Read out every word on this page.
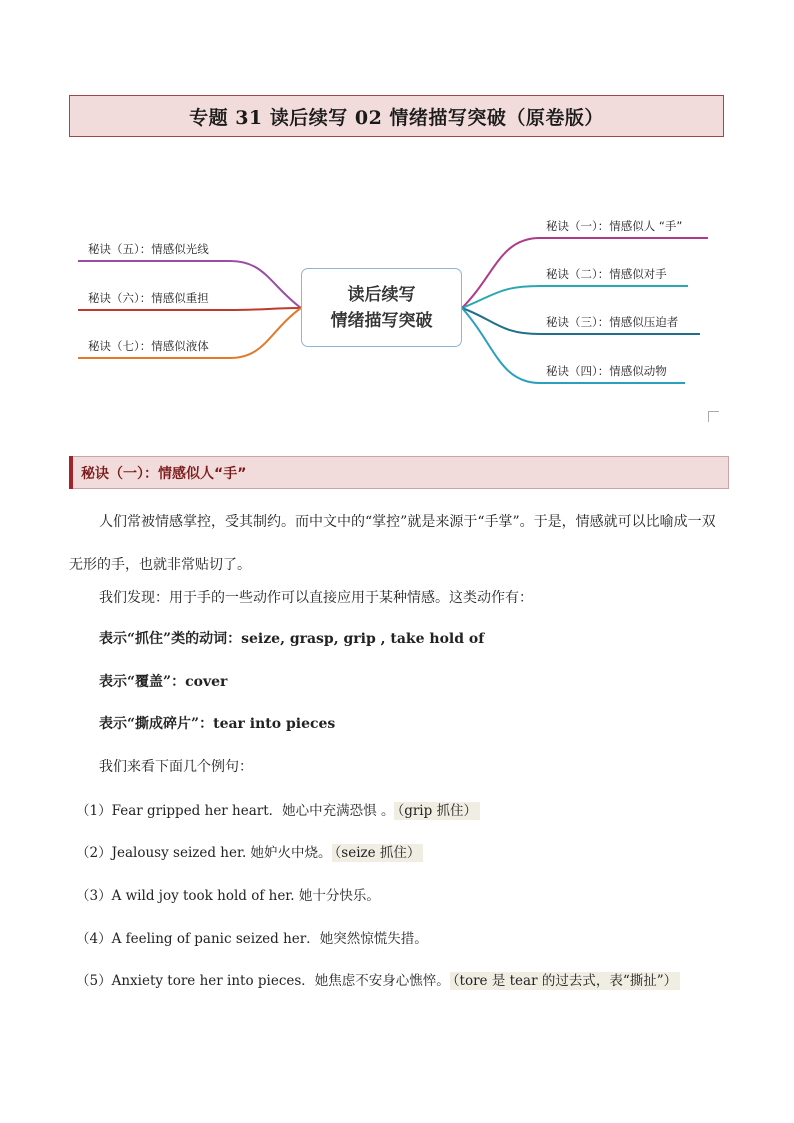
专题 31 读后续写 02 情绪描写突破（原卷版）
秘诀（五）：情感似光线
秘诀（六）：情感似重担
秘诀（七）：情感似液体
秘诀（一）：情感似人 “手”
秘诀（二）：情感似对手
秘诀（三）：情感似压迫者
秘诀（四）：情感似动物
读后续写
情绪描写突破
秘诀（一）：情感似人“手”
人们常被情感掌控，受其制约。而中文中的“掌控”就是来源于“手掌”。于是，情感就可以比喻成一双无形的手，也就非常贴切了。
我们发现：用于手的一些动作可以直接应用于某种情感。这类动作有：
表示“抓住”类的动词：seize, grasp, grip , take hold of
表示“覆盖”：cover
表示“撕成碎片”：tear into pieces
我们来看下面几个例句：
（1）Fear gripped her heart．她心中充满恐惧 。 （grip 抓住）
（2）Jealousy seized her. 她妒火中烧。 （seize 抓住）
（3）A wild joy took hold of her. 她十分快乐。
（4）A feeling of panic seized her．她突然惊慌失措。
（5）Anxiety tore her into pieces．她焦虑不安身心憔悴。 （tore 是 tear 的过去式，表“撕扯”）
